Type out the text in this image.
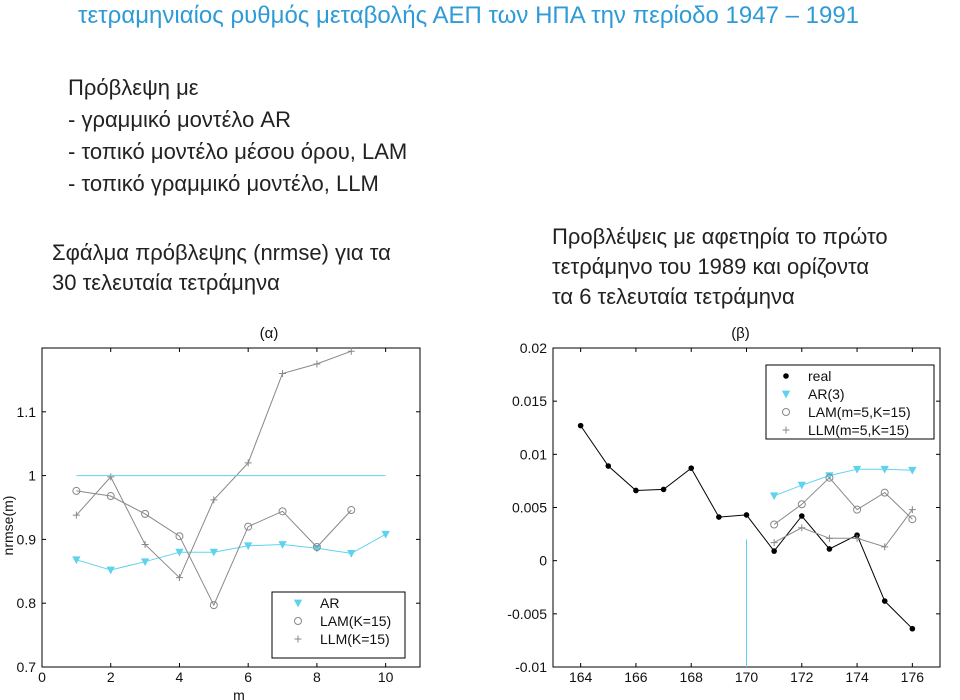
τετραμηνιαίος ρυθμός μεταβολής ΑΕΠ των ΗΠΑ την περίοδο 1947 – 1991
Πρόβλεψη με
- γραμμικό μοντέλο AR
- τοπικό μοντέλο μέσου όρου, LAM
- τοπικό γραμμικό μοντέλο, LLM
Σφάλμα πρόβλεψης (nrmse) για τα
30 τελευταία τετράμηνα
Προβλέψεις με αφετηρία το πρώτο
τετράμηνο του 1989 και ορίζοντα
τα 6 τελευταία τετράμηνα
0	2	4	6	8	10
0.7
0.8
0.9
1
1.1
(α)
m
nrmse(m)
AR
LAM(K=15)
LLM(K=15)
164 166 168 170 172 174 176
-0.01
-0.005
0
0.005
0.01
0.015
0.02
(β)
real
AR(3)
LAM(m=5,K=15)
LLM(m=5,K=15)
